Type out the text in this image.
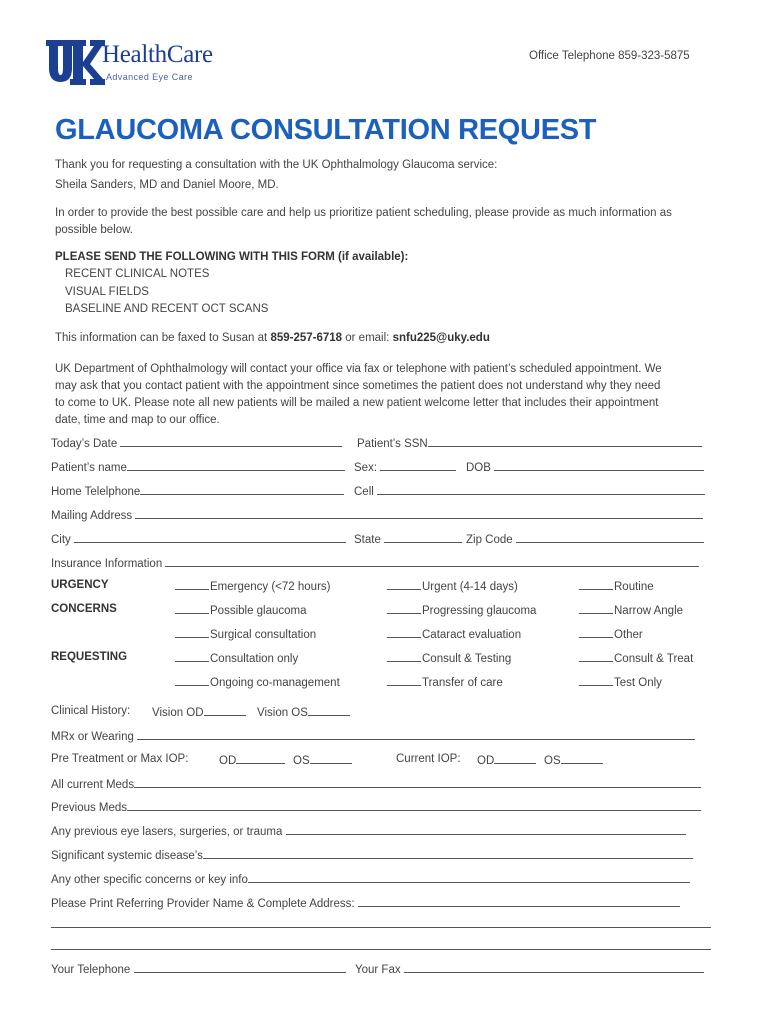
HealthCare
Advanced Eye Care
Office Telephone 859-323-5875
GLAUCOMA CONSULTATION REQUEST
Thank you for requesting a consultation with the UK Ophthalmology Glaucoma service:
Sheila Sanders, MD and Daniel Moore, MD.
In order to provide the best possible care and help us prioritize patient scheduling, please provide as much information as
possible below.
PLEASE SEND THE FOLLOWING WITH THIS FORM (if available):
RECENT CLINICAL NOTES
VISUAL FIELDS
BASELINE AND RECENT OCT SCANS
This information can be faxed to Susan at 859-257-6718 or email: snfu225@uky.edu
UK Department of Ophthalmology will contact your office via fax or telephone with patient’s scheduled appointment. We
may ask that you contact patient with the appointment since sometimes the patient does not understand why they need
to come to UK. Please note all new patients will be mailed a new patient welcome letter that includes their appointment
date, time and map to our office.
Today’s Date	Patient’s SSN
Patient’s name	Sex:	DOB
Home Telelphone	Cell
Mailing Address
City	State	Zip Code
Insurance Information
URGENCY	Emergency (<72 hours)	Urgent (4-14 days)	Routine
CONCERNS	Possible glaucoma	Progressing glaucoma	Narrow Angle
Surgical consultation	Cataract evaluation	Other
REQUESTING	Consultation only	Consult & Testing	Consult & Treat
Ongoing co-management	Transfer of care	Test Only
Clinical History: Vision OD	Vision OS
MRx or Wearing
Pre Treatment or Max IOP:	OD	OS	Current IOP: OD	OS
All current Meds
Previous Meds
Any previous eye lasers, surgeries, or trauma
Significant systemic disease’s
Any other specific concerns or key info
Please Print Referring Provider Name & Complete Address:
Your Telephone	Your Fax
